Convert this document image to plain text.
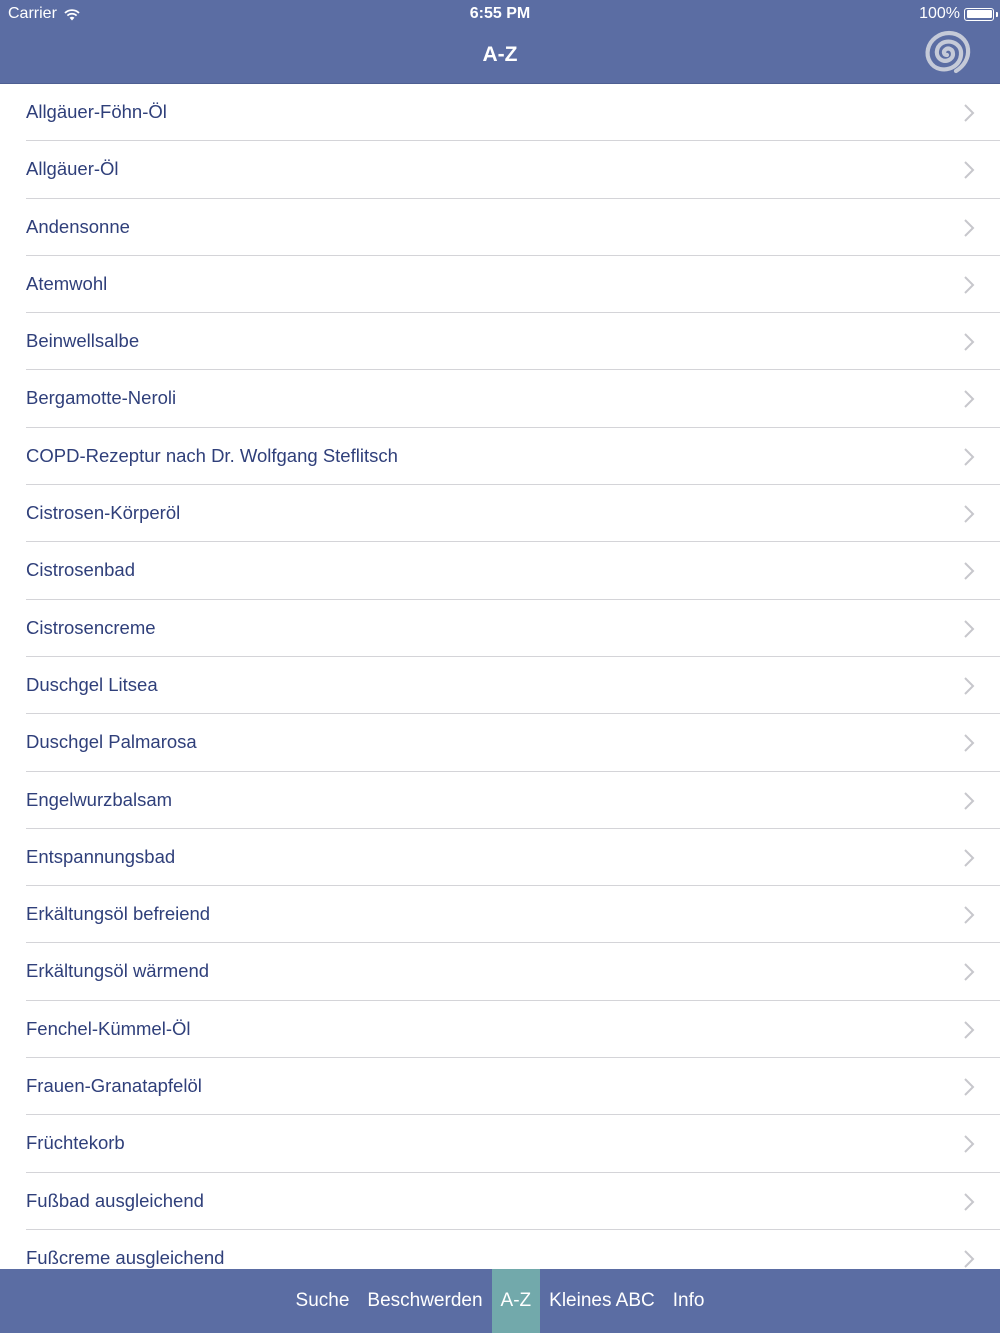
Carrier	6:55 PM	100%
A-Z
Allgäuer-Föhn-Öl
Allgäuer-Öl
Andensonne
Atemwohl
Beinwellsalbe
Bergamotte-Neroli
COPD-Rezeptur nach Dr. Wolfgang Steflitsch
Cistrosen-Körperöl
Cistrosenbad
Cistrosencreme
Duschgel Litsea
Duschgel Palmarosa
Engelwurzbalsam
Entspannungsbad
Erkältungsöl befreiend
Erkältungsöl wärmend
Fenchel-Kümmel-Öl
Frauen-Granatapfelöl
Früchtekorb
Fußbad ausgleichend
Fußcreme ausgleichend
Suche Beschwerden A-Z Kleines ABC Info
